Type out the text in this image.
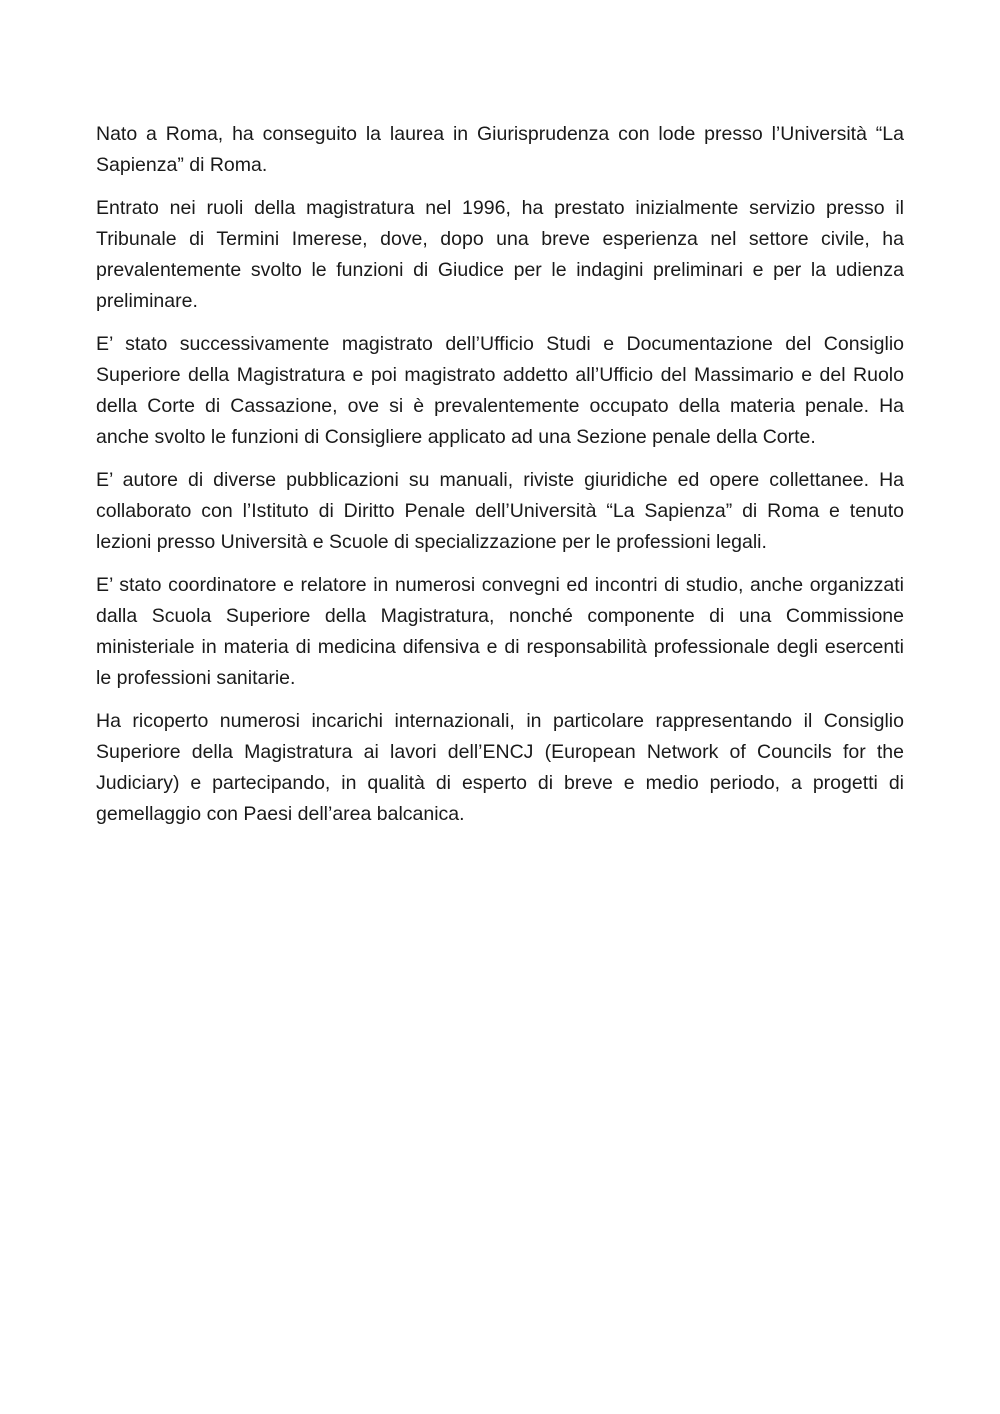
Nato a Roma, ha conseguito la laurea in Giurisprudenza con lode presso l’Università “La Sapienza” di Roma.

Entrato nei ruoli della magistratura nel 1996, ha prestato inizialmente servizio presso il Tribunale di Termini Imerese, dove, dopo una breve esperienza nel settore civile, ha prevalentemente svolto le funzioni di Giudice per le indagini preliminari e per la udienza preliminare.

E’ stato successivamente magistrato dell’Ufficio Studi e Documentazione del Consiglio Superiore della Magistratura e poi magistrato addetto all’Ufficio del Massimario e del Ruolo della Corte di Cassazione, ove si è prevalentemente occupato della materia penale. Ha anche svolto le funzioni di Consigliere applicato ad una Sezione penale della Corte.

E’ autore di diverse pubblicazioni su manuali, riviste giuridiche ed opere collettanee. Ha collaborato con l’Istituto di Diritto Penale dell’Università “La Sapienza” di Roma e tenuto lezioni presso Università e Scuole di specializzazione per le professioni legali.

E’ stato coordinatore e relatore in numerosi convegni ed incontri di studio, anche organizzati dalla Scuola Superiore della Magistratura, nonché componente di una Commissione ministeriale in materia di medicina difensiva e di responsabilità professionale degli esercenti le professioni sanitarie.

Ha ricoperto numerosi incarichi internazionali, in particolare rappresentando il Consiglio Superiore della Magistratura ai lavori dell’ENCJ (European Network of Councils for the Judiciary) e partecipando, in qualità di esperto di breve e medio periodo, a progetti di gemellaggio con Paesi dell’area balcanica.
